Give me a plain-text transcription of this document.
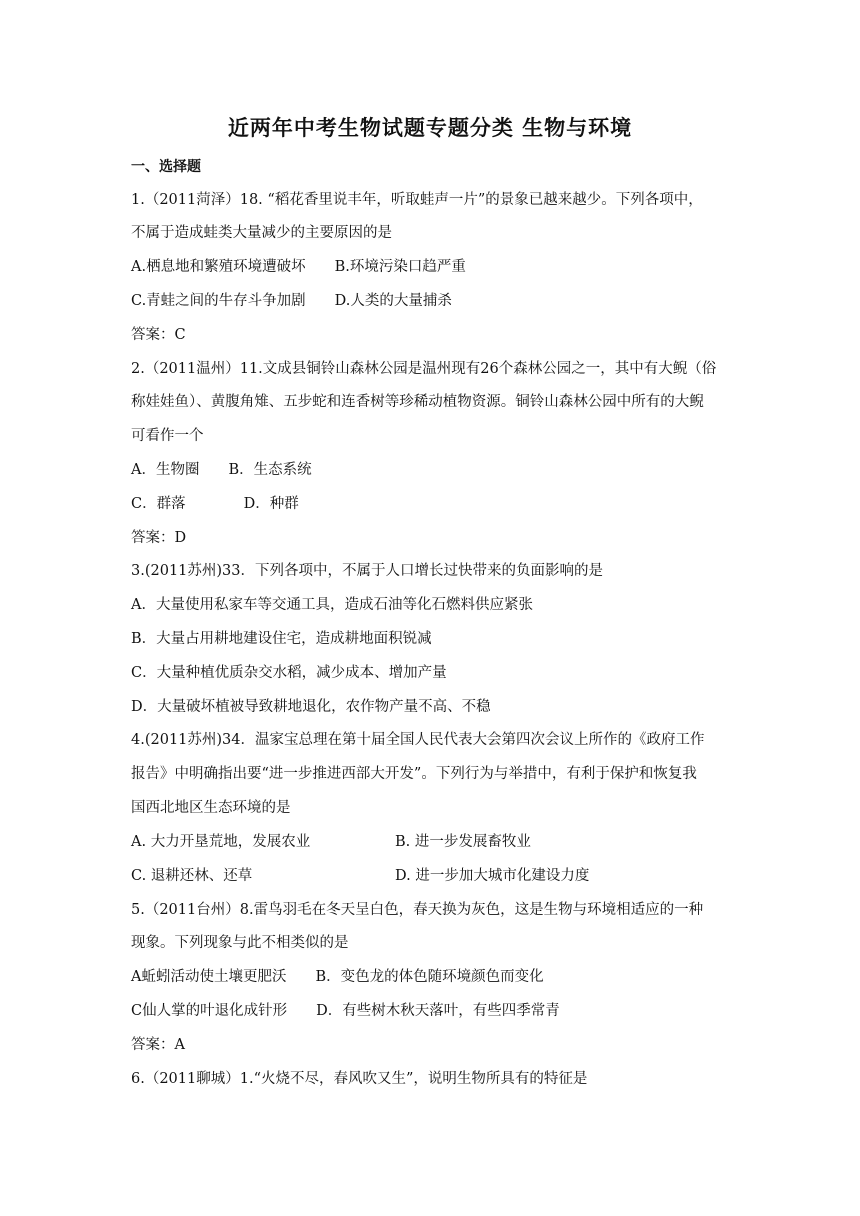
近两年中考生物试题专题分类 生物与环境
一、选择题
1.（2011菏泽）18. “稻花香里说丰年，听取蛙声一片”的景象已越来越少。下列各项中，
不属于造成蛙类大量减少的主要原因的是
A.栖息地和繁殖环境遭破坏　　B.环境污染口趋严重
C.青蛙之间的牛存斗争加剧　　D.人类的大量捕杀
答案：C
2.（2011温州）11.文成县铜铃山森林公园是温州现有26个森林公园之一，其中有大鲵（俗
称娃娃鱼）、黄腹角雉、五步蛇和连香树等珍稀动植物资源。铜铃山森林公园中所有的大鲵
可看作一个
A．生物圈　　B．生态系统
C．群落　　　　D．种群
答案：D
3.(2011苏州)33．下列各项中，不属于人口增长过快带来的负面影响的是
A．大量使用私家车等交通工具，造成石油等化石燃料供应紧张
B．大量占用耕地建设住宅，造成耕地面积锐减
C．大量种植优质杂交水稻，减少成本、增加产量
D．大量破坏植被导致耕地退化，农作物产量不高、不稳
4.(2011苏州)34．温家宝总理在第十届全国人民代表大会第四次会议上所作的《政府工作
报告》中明确指出要“进一步推进西部大开发”。下列行为与举措中，有利于保护和恢复我
国西北地区生态环境的是
A. 大力开垦荒地，发展农业	B. 进一步发展畜牧业
C. 退耕还林、还草	D. 进一步加大城市化建设力度
5.（2011台州）8.雷鸟羽毛在冬天呈白色，春天换为灰色，这是生物与环境相适应的一种
现象。下列现象与此不相类似的是
A蚯蚓活动使土壤更肥沃　　B．变色龙的体色随环境颜色而变化
C仙人掌的叶退化成针形　　D．有些树木秋天落叶，有些四季常青
答案：A
6.（2011聊城）1.“火烧不尽，春风吹又生”，说明生物所具有的特征是
